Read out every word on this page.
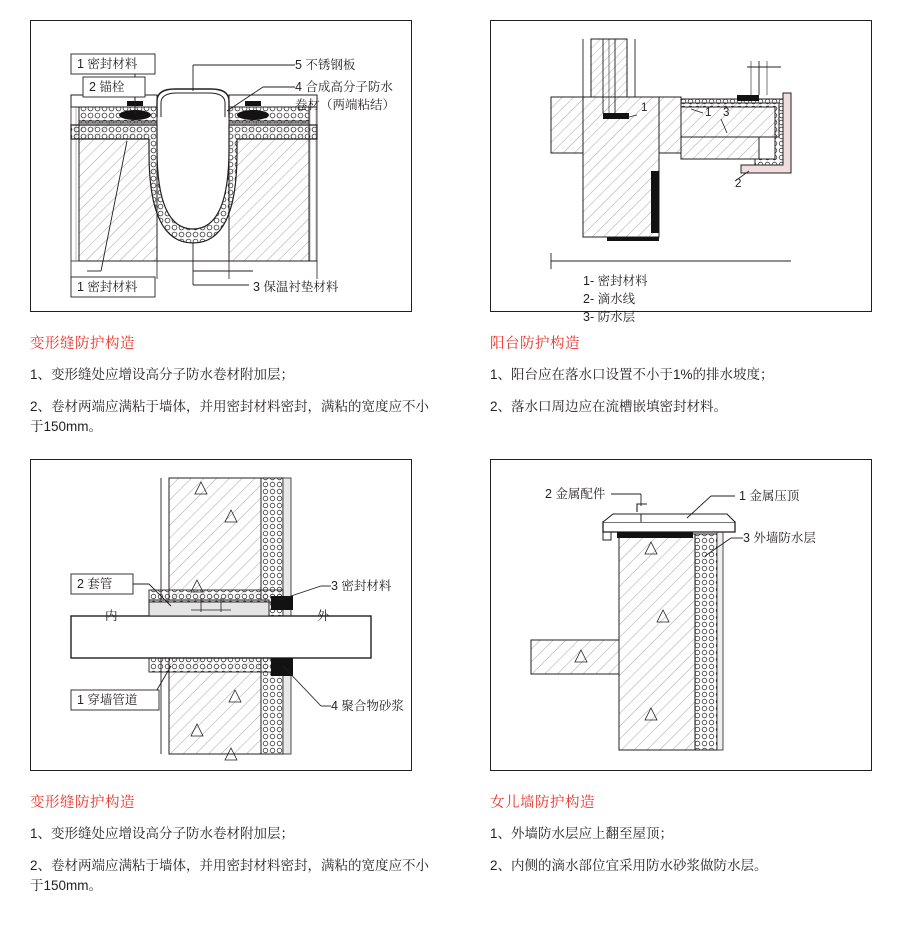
1 密封材料
2 锚栓
5 不锈钢板
4 合成高分子防水
卷材（两端粘结）
1 密封材料	3 保温衬垫材料
变形缝防护构造

1、变形缝处应增设高分子防水卷材附加层；

2、卷材两端应满粘于墙体，并用密封材料密封，满粘的宽度应不小于150mm。

1	1 3
2
1- 密封材料
2- 滴水线
3- 防水层
阳台防护构造

1、阳台应在落水口设置不小于1%的排水坡度；

2、落水口周边应在流槽嵌填密封材料。

2 套管	3 密封材料
内	外
1 穿墙管道	4 聚合物砂浆
变形缝防护构造

1、变形缝处应增设高分子防水卷材附加层；

2、卷材两端应满粘于墙体，并用密封材料密封，满粘的宽度应不小于150mm。

2 金属配件	1 金属压顶
3 外墙防水层
女儿墙防护构造

1、外墙防水层应上翻至屋顶；

2、内侧的滴水部位宜采用防水砂浆做防水层。
